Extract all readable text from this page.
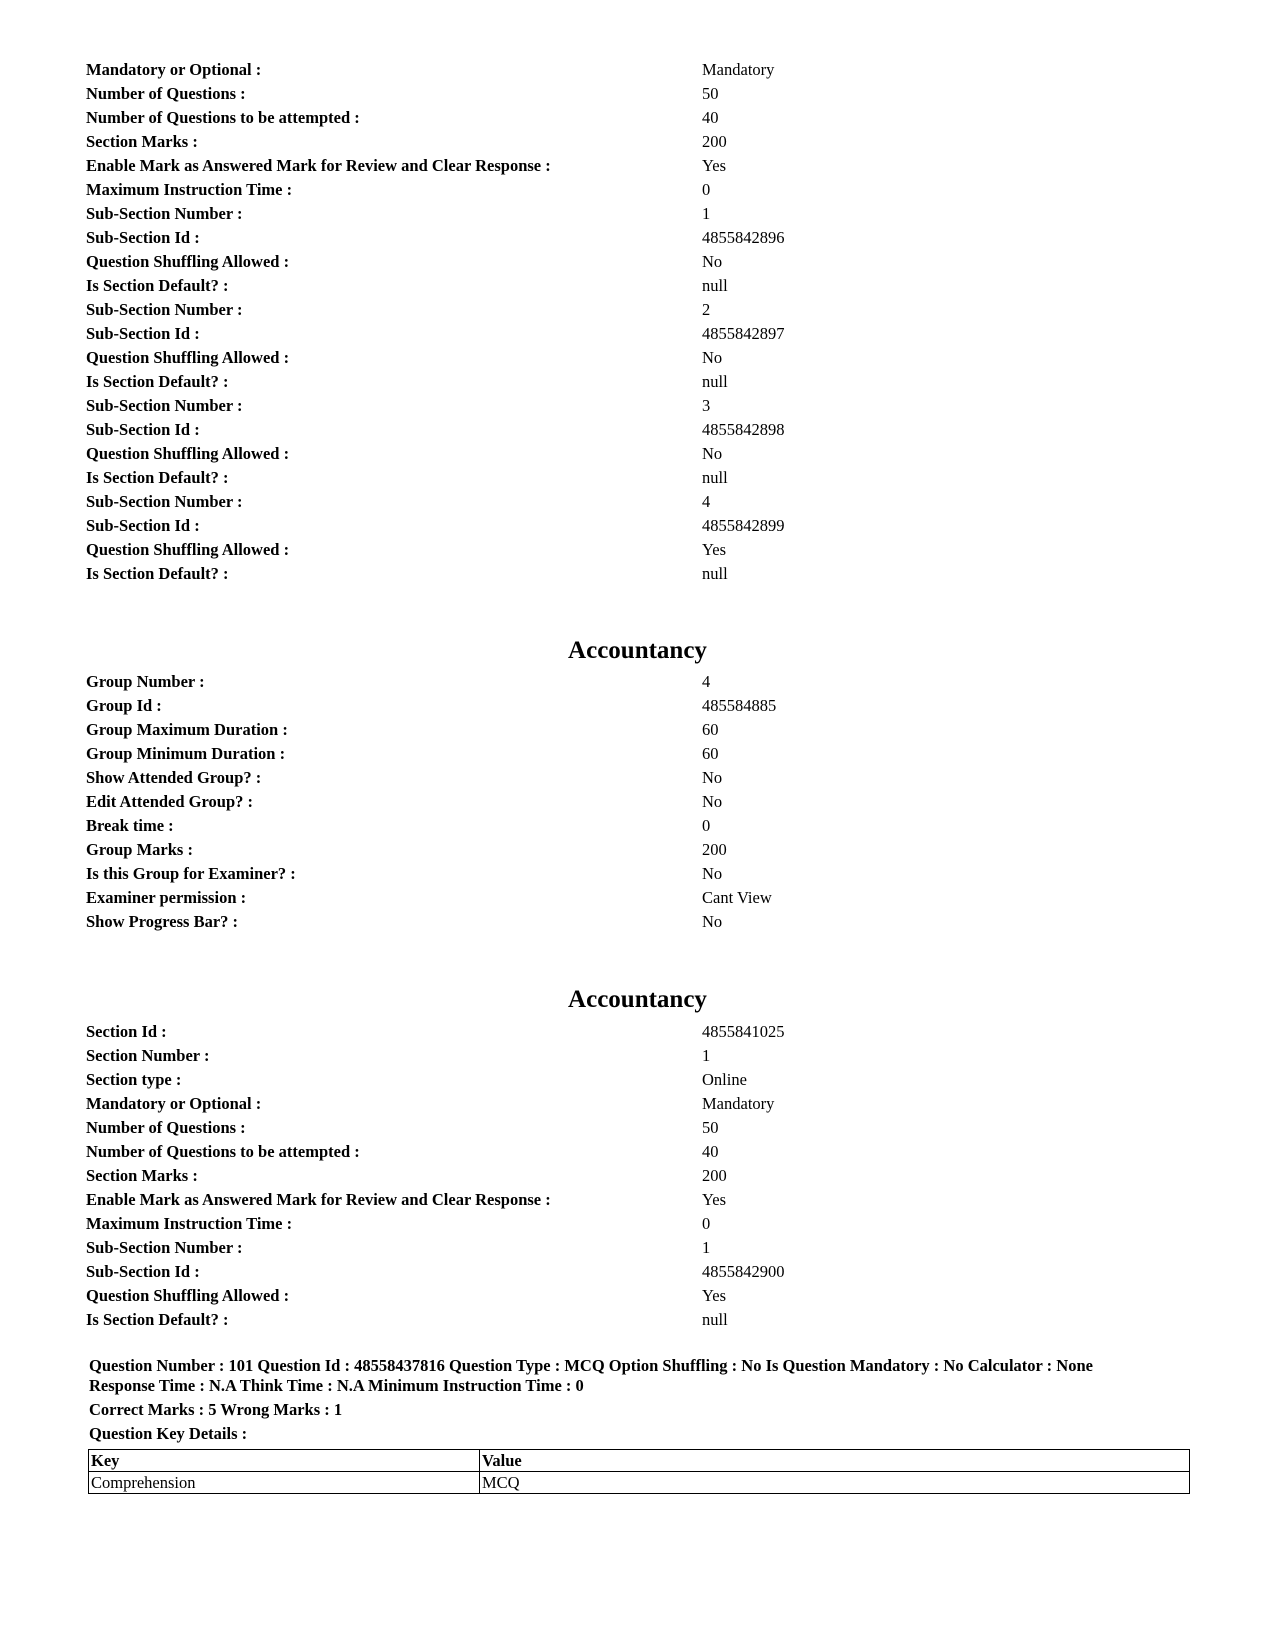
Mandatory or Optional :	Mandatory
Number of Questions :	50
Number of Questions to be attempted :	40
Section Marks :	200
Enable Mark as Answered Mark for Review and Clear Response :	Yes
Maximum Instruction Time :	0
Sub-Section Number :	1
Sub-Section Id :	4855842896
Question Shuffling Allowed :	No
Is Section Default? :	null
Sub-Section Number :	2
Sub-Section Id :	4855842897
Question Shuffling Allowed :	No
Is Section Default? :	null
Sub-Section Number :	3
Sub-Section Id :	4855842898
Question Shuffling Allowed :	No
Is Section Default? :	null
Sub-Section Number :	4
Sub-Section Id :	4855842899
Question Shuffling Allowed :	Yes
Is Section Default? :	null
Accountancy
Group Number :	4
Group Id :	485584885
Group Maximum Duration :	60
Group Minimum Duration :	60
Show Attended Group? :	No
Edit Attended Group? :	No
Break time :	0
Group Marks :	200
Is this Group for Examiner? :	No
Examiner permission :	Cant View
Show Progress Bar? :	No
Accountancy
Section Id :	4855841025
Section Number :	1
Section type :	Online
Mandatory or Optional :	Mandatory
Number of Questions :	50
Number of Questions to be attempted :	40
Section Marks :	200
Enable Mark as Answered Mark for Review and Clear Response :	Yes
Maximum Instruction Time :	0
Sub-Section Number :	1
Sub-Section Id :	4855842900
Question Shuffling Allowed :	Yes
Is Section Default? :	null
Question Number : 101 Question Id : 48558437816 Question Type : MCQ Option Shuffling : No Is Question Mandatory : No Calculator : None
Response Time : N.A Think Time : N.A Minimum Instruction Time : 0
Correct Marks : 5 Wrong Marks : 1
Question Key Details :
Key	Value
Comprehension	MCQ
